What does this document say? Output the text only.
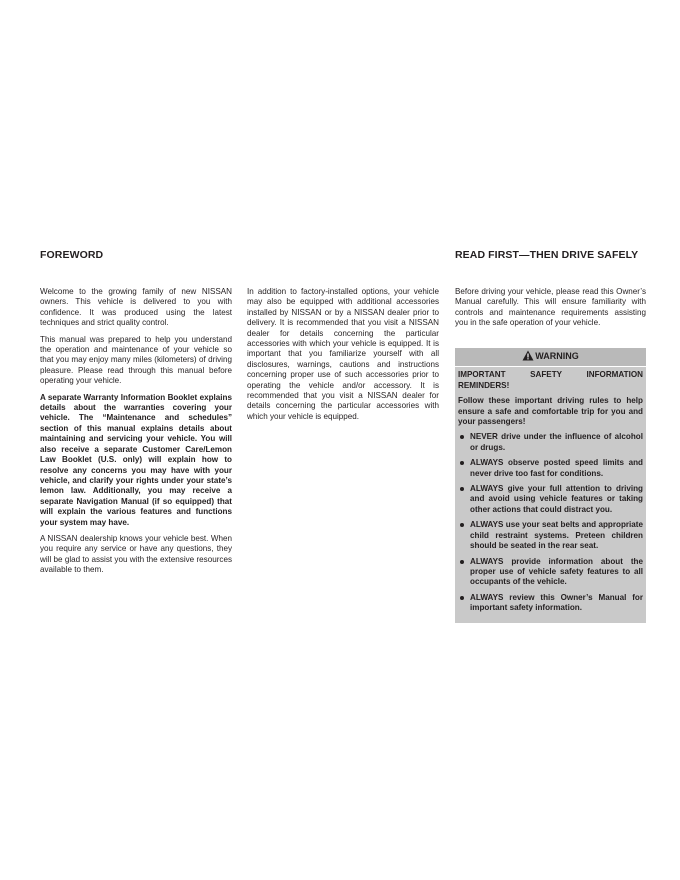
FOREWORD	READ FIRST—THEN DRIVE SAFELY

Welcome to the growing family of new NISSAN owners. This vehicle is delivered to you with confidence. It was produced using the latest techniques and strict quality control.

This manual was prepared to help you understand the operation and maintenance of your vehicle so that you may enjoy many miles (kilometers) of driving pleasure. Please read through this manual before operating your vehicle.

A separate Warranty Information Booklet explains details about the warranties covering your vehicle. The “Maintenance and schedules” section of this manual explains details about maintaining and servicing your vehicle. You will also receive a separate Customer Care/Lemon Law Booklet (U.S. only) will explain how to resolve any concerns you may have with your vehicle, and clarify your rights under your state’s lemon law. Additionally, you may receive a separate Navigation Manual (if so equipped) that will explain the various features and functions your system may have.

A NISSAN dealership knows your vehicle best. When you require any service or have any questions, they will be glad to assist you with the extensive resources available to them.

In addition to factory-installed options, your vehicle may also be equipped with additional accessories installed by NISSAN or by a NISSAN dealer prior to delivery. It is recommended that you visit a NISSAN dealer for details concerning the particular accessories with which your vehicle is equipped. It is important that you familiarize yourself with all disclosures, warnings, cautions and instructions concerning proper use of such accessories prior to operating the vehicle and/or accessory. It is recommended that you visit a NISSAN dealer for details concerning the particular accessories with which your vehicle is equipped.

Before driving your vehicle, please read this Owner’s Manual carefully. This will ensure familiarity with controls and maintenance requirements assisting you in the safe operation of your vehicle.

WARNING

IMPORTANT SAFETY INFORMATION REMINDERS!

Follow these important driving rules to help ensure a safe and comfortable trip for you and your passengers!

NEVER drive under the influence of alcohol or drugs.
ALWAYS observe posted speed limits and never drive too fast for conditions.
ALWAYS give your full attention to driving and avoid using vehicle features or taking other actions that could distract you.
ALWAYS use your seat belts and appropriate child restraint systems. Preteen children should be seated in the rear seat.
ALWAYS provide information about the proper use of vehicle safety features to all occupants of the vehicle.
ALWAYS review this Owner’s Manual for important safety information.
